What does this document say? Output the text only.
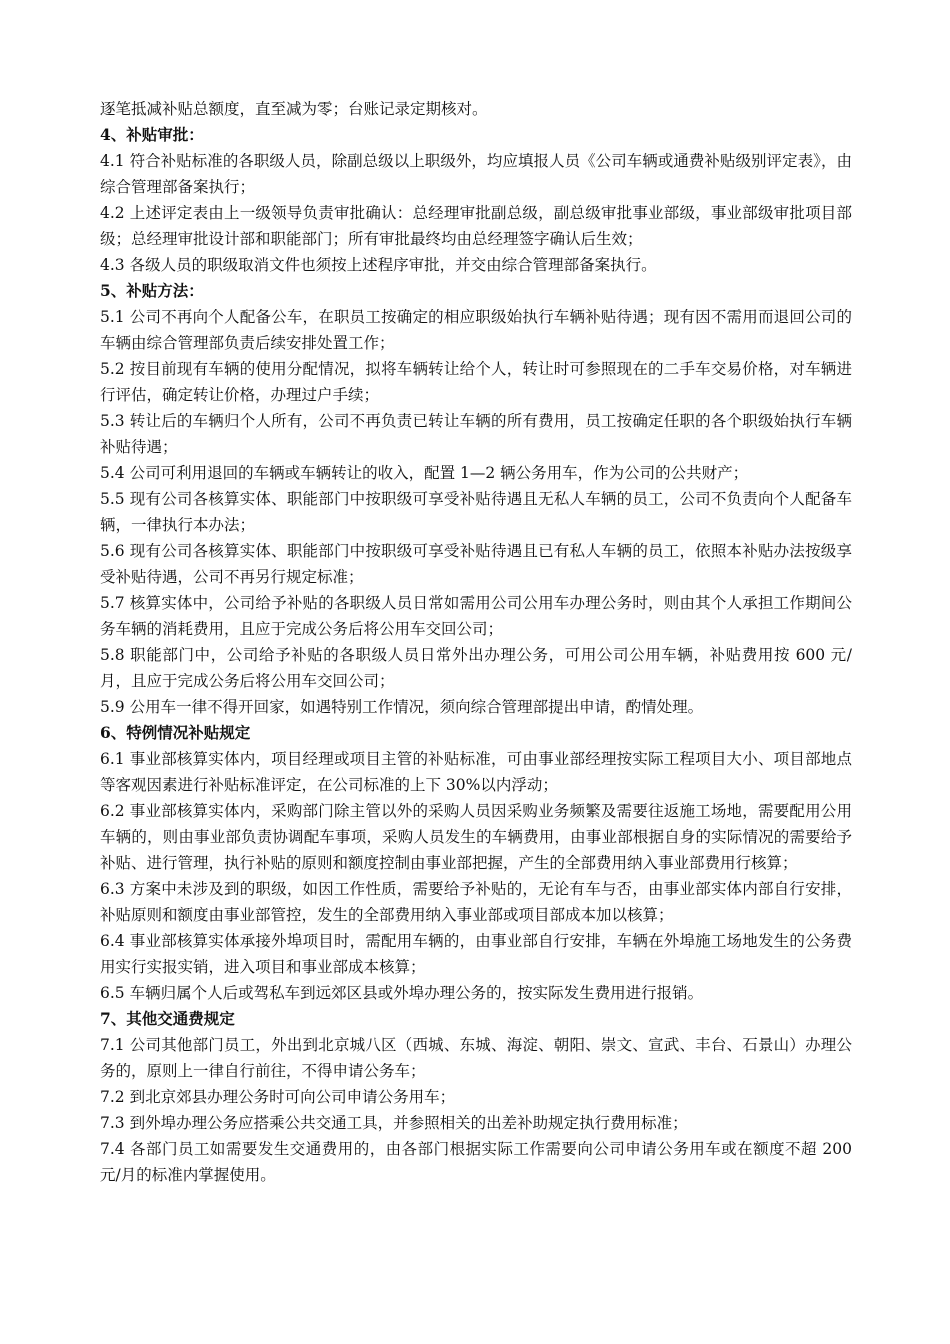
逐笔抵减补贴总额度，直至减为零；台账记录定期核对。

4、补贴审批：

4.1 符合补贴标准的各职级人员，除副总级以上职级外，均应填报人员《公司车辆或通费补贴级别评定表》，由综合管理部备案执行；

4.2 上述评定表由上一级领导负责审批确认：总经理审批副总级，副总级审批事业部级，事业部级审批项目部级；总经理审批设计部和职能部门；所有审批最终均由总经理签字确认后生效；

4.3 各级人员的职级取消文件也须按上述程序审批，并交由综合管理部备案执行。

5、补贴方法：

5.1 公司不再向个人配备公车，在职员工按确定的相应职级始执行车辆补贴待遇；现有因不需用而退回公司的车辆由综合管理部负责后续安排处置工作；

5.2 按目前现有车辆的使用分配情况，拟将车辆转让给个人，转让时可参照现在的二手车交易价格，对车辆进行评估，确定转让价格，办理过户手续；

5.3 转让后的车辆归个人所有，公司不再负责已转让车辆的所有费用，员工按确定任职的各个职级始执行车辆补贴待遇；

5.4 公司可利用退回的车辆或车辆转让的收入，配置 1—2 辆公务用车，作为公司的公共财产；

5.5 现有公司各核算实体、职能部门中按职级可享受补贴待遇且无私人车辆的员工，公司不负责向个人配备车辆，一律执行本办法；

5.6 现有公司各核算实体、职能部门中按职级可享受补贴待遇且已有私人车辆的员工，依照本补贴办法按级享受补贴待遇，公司不再另行规定标准；

5.7 核算实体中，公司给予补贴的各职级人员日常如需用公司公用车办理公务时，则由其个人承担工作期间公务车辆的消耗费用，且应于完成公务后将公用车交回公司；

5.8 职能部门中，公司给予补贴的各职级人员日常外出办理公务，可用公司公用车辆，补贴费用按 600 元/月，且应于完成公务后将公用车交回公司；

5.9 公用车一律不得开回家，如遇特别工作情况，须向综合管理部提出申请，酌情处理。

6、特例情况补贴规定

6.1 事业部核算实体内，项目经理或项目主管的补贴标准，可由事业部经理按实际工程项目大小、项目部地点等客观因素进行补贴标准评定，在公司标准的上下 30%以内浮动；

6.2 事业部核算实体内，采购部门除主管以外的采购人员因采购业务频繁及需要往返施工场地，需要配用公用车辆的，则由事业部负责协调配车事项，采购人员发生的车辆费用，由事业部根据自身的实际情况的需要给予补贴、进行管理，执行补贴的原则和额度控制由事业部把握，产生的全部费用纳入事业部费用行核算；

6.3 方案中未涉及到的职级，如因工作性质，需要给予补贴的，无论有车与否，由事业部实体内部自行安排，补贴原则和额度由事业部管控，发生的全部费用纳入事业部或项目部成本加以核算；

6.4 事业部核算实体承接外埠项目时，需配用车辆的，由事业部自行安排，车辆在外埠施工场地发生的公务费用实行实报实销，进入项目和事业部成本核算；

6.5 车辆归属个人后或驾私车到远郊区县或外埠办理公务的，按实际发生费用进行报销。

7、其他交通费规定

7.1 公司其他部门员工，外出到北京城八区（西城、东城、海淀、朝阳、崇文、宣武、丰台、石景山）办理公务的，原则上一律自行前往，不得申请公务车；

7.2 到北京郊县办理公务时可向公司申请公务用车；

7.3 到外埠办理公务应搭乘公共交通工具，并参照相关的出差补助规定执行费用标准；

7.4 各部门员工如需要发生交通费用的，由各部门根据实际工作需要向公司申请公务用车或在额度不超 200 元/月的标准内掌握使用。
